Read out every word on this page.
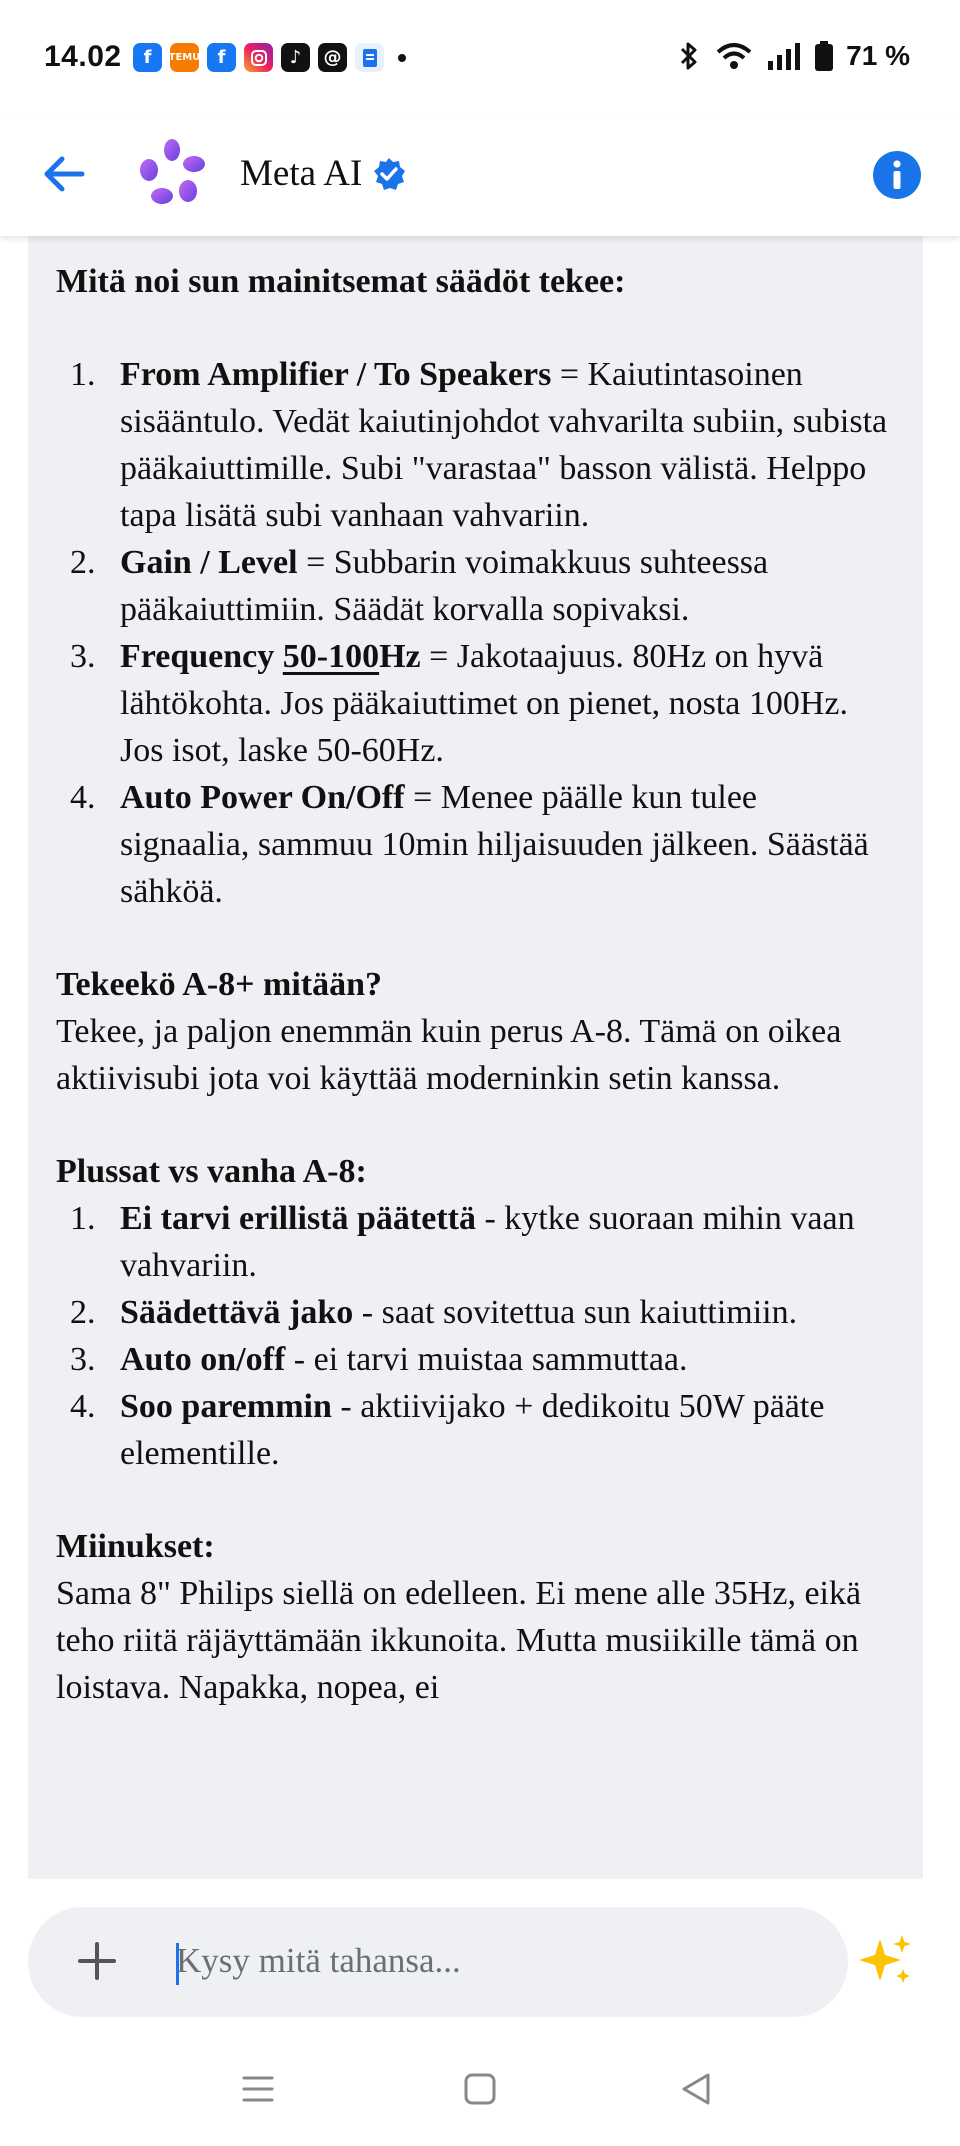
14.02	f	TEMU f	♪	@	71 %
Meta AI

Mitä noi sun mainitsemat säädöt tekee:

1. From Amplifier / To Speakers = Kaiutintasoinen sisääntulo. Vedät kaiutinjohdot vahvarilta subiin, subista pääkaiuttimille. Subi "varastaa" basson välistä. Helppo tapa lisätä subi vanhaan vahvariin.
2. Gain / Level = Subbarin voimakkuus suhteessa pääkaiuttimiin. Säädät korvalla sopivaksi.
3. Frequency 50-100Hz = Jakotaajuus. 80Hz on hyvä lähtökohta. Jos pääkaiuttimet on pienet, nosta 100Hz. Jos isot, laske 50-60Hz.
4. Auto Power On/Off = Menee päälle kun tulee signaalia, sammuu 10min hiljaisuuden jälkeen. Säästää sähköä.

Tekeekö A-8+ mitään?

Tekee, ja paljon enemmän kuin perus A-8. Tämä on oikea aktiivisubi jota voi käyttää moderninkin setin kanssa.

Plussat vs vanha A-8:

1. Ei tarvi erillistä päätettä - kytke suoraan mihin vaan vahvariin.
2. Säädettävä jako - saat sovitettua sun kaiuttimiin.
3. Auto on/off - ei tarvi muistaa sammuttaa.
4. Soo paremmin - aktiivijako + dedikoitu 50W pääte elementille.

Miinukset:

Sama 8" Philips siellä on edelleen. Ei mene alle 35Hz, eikä teho riitä räjäyttämään ikkunoita. Mutta musiikille tämä on loistava. Napakka, nopea, ei

Kysy mitä tahansa...
